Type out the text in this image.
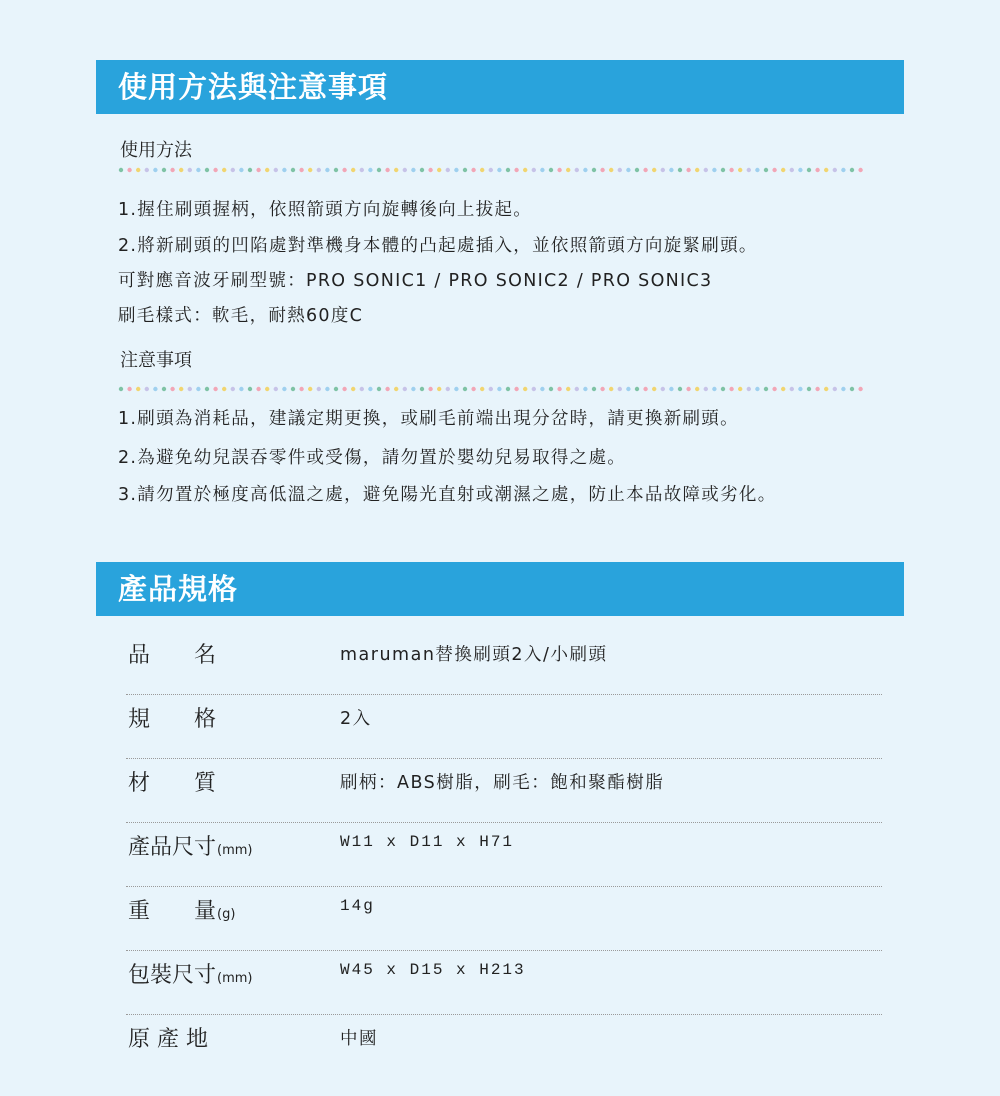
使用方法與注意事項
使用方法
1.握住刷頭握柄，依照箭頭方向旋轉後向上拔起。
2.將新刷頭的凹陷處對準機身本體的凸起處插入，並依照箭頭方向旋緊刷頭。
可對應音波牙刷型號：PRO SONIC1 / PRO SONIC2 / PRO SONIC3
刷毛樣式：軟毛，耐熱60度C
注意事項
1.刷頭為消耗品，建議定期更換，或刷毛前端出現分岔時，請更換新刷頭。
2.為避免幼兒誤吞零件或受傷，請勿置於嬰幼兒易取得之處。
3.請勿置於極度高低溫之處，避免陽光直射或潮濕之處，防止本品故障或劣化。
產品規格
品　　名	maruman替換刷頭2入/小刷頭
規　　格	2入
材　　質	刷柄：ABS樹脂，刷毛：飽和聚酯樹脂
產品尺寸(mm)	W11 x D11 x H71
重　　量(g)	14g
包裝尺寸(mm)	W45 x D15 x H213
原 產 地	中國
